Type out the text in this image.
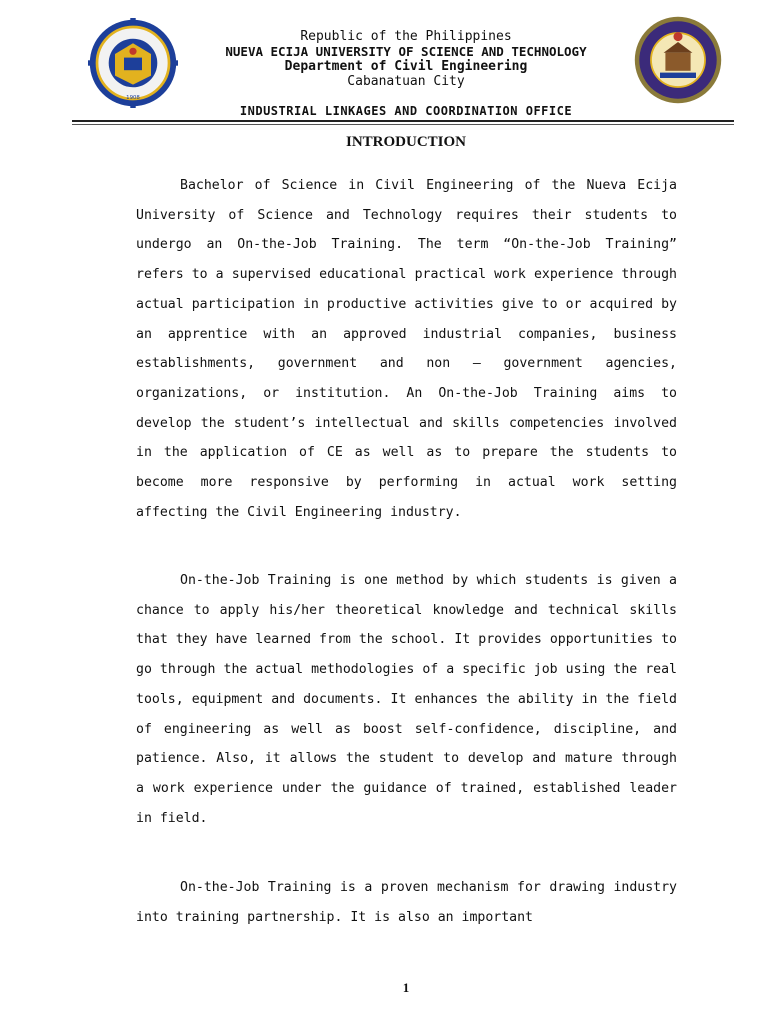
1908
Republic of the Philippines
NUEVA ECIJA UNIVERSITY OF SCIENCE AND TECHNOLOGY
Department of Civil Engineering
Cabanatuan City
INDUSTRIAL LINKAGES AND COORDINATION OFFICE
INTRODUCTION

Bachelor of Science in Civil Engineering of the Nueva Ecija University of Science and Technology requires their students to undergo an On-the-Job Training. The term “On-the-Job Training” refers to a supervised educational practical work experience through actual participation in productive activities give to or acquired by an apprentice with an approved industrial companies, business establishments, government and non – government agencies, organizations, or institution. An On-the-Job Training aims to develop the student’s intellectual and skills competencies involved in the application of CE as well as to prepare the students to become more responsive by performing in actual work setting affecting the Civil Engineering industry.

On-the-Job Training is one method by which students is given a chance to apply his/her theoretical knowledge and technical skills that they have learned from the school. It provides opportunities to go through the actual methodologies of a specific job using the real tools, equipment and documents. It enhances the ability in the field of engineering as well as boost self-confidence, discipline, and patience. Also, it allows the student to develop and mature through a work experience under the guidance of trained, established leader in field.

On-the-Job Training is a proven mechanism for drawing industry into training partnership. It is also an important

1
